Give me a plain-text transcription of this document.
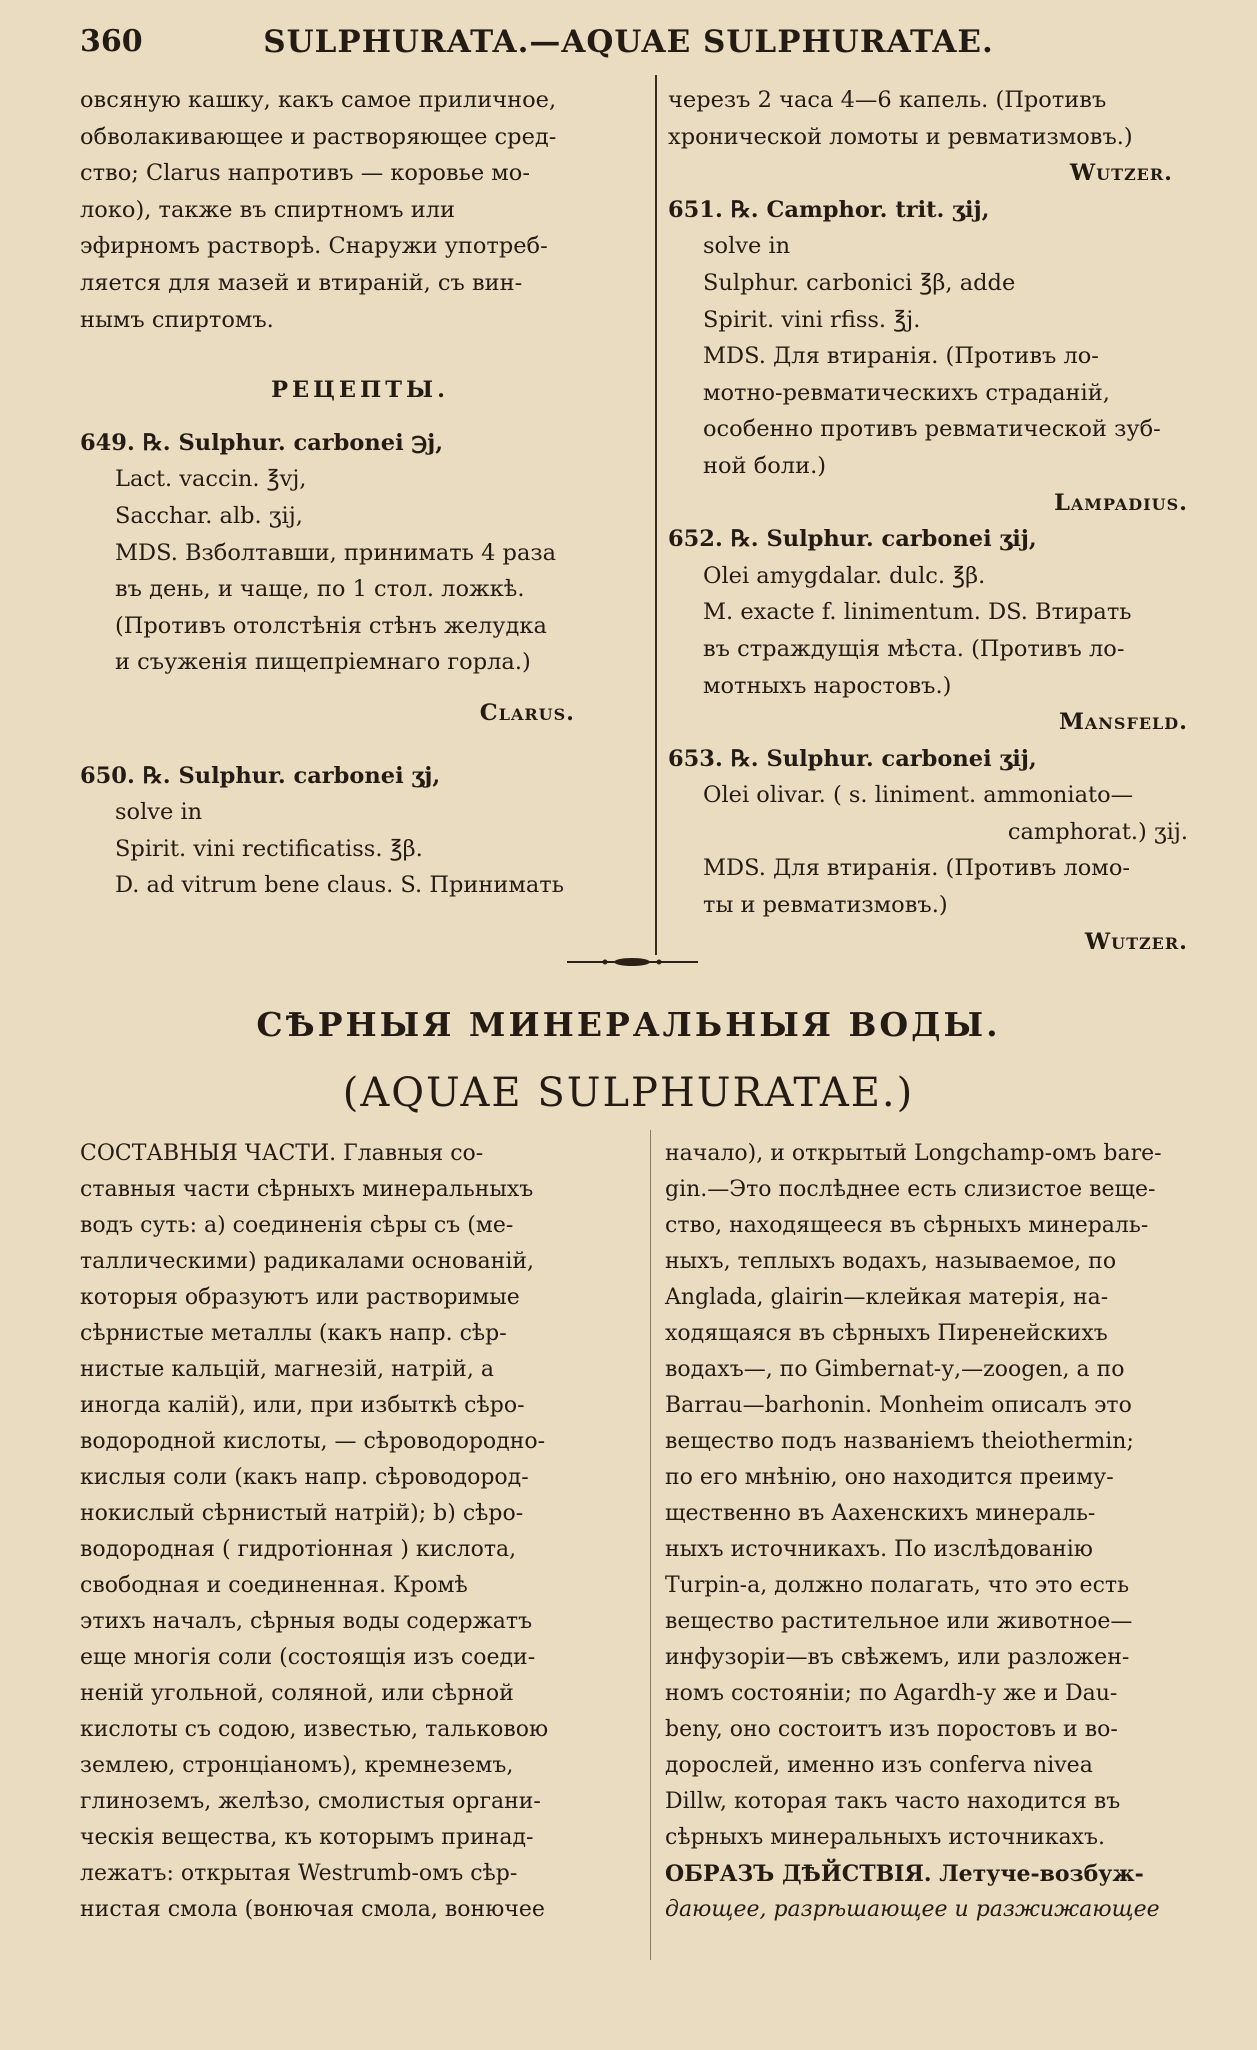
360	SULPHURATA.—AQUAE SULPHURATAE.

овсяную кашку, какъ самое приличное,

обволакивающее и растворяющее сред-

ство; Clarus напротивъ — коровье мо-

локо), также въ спиртномъ или

эфирномъ растворѣ. Снаружи употреб-

ляется для мазей и втираній, съ вин-

нымъ спиртомъ.

РЕЦЕПТЫ.

649. ℞. Sulphur. carbonei ℈j,

Lact. vaccin. ℥vj,

Sacchar. alb. ʒij,

MDS. Взболтавши, принимать 4 раза

въ день, и чаще, по 1 стол. ложкѣ.

(Противъ отолстѣнія стѣнъ желудка

и съуженія пищепріемнаго горла.)

Clarus.

650. ℞. Sulphur. carbonei ʒj,

solve in

Spirit. vini rectificatiss. ℥β.

D. ad vitrum bene claus. S. Принимать

черезъ 2 часа 4—6 капель. (Противъ

хронической ломоты и ревматизмовъ.)

Wutzer.

651. ℞. Camphor. trit. ʒij,

solve in

Sulphur. carbonici ℥β, adde

Spirit. vini rfiss. ℥j.

MDS. Для втиранія. (Противъ ло-

мотно-ревматическихъ страданій,

особенно противъ ревматической зуб-

ной боли.)

Lampadius.

652. ℞. Sulphur. carbonei ʒij,

Olei amygdalar. dulc. ℥β.

M. exacte f. linimentum. DS. Втирать

въ страждущія мѣста. (Противъ ло-

мотныхъ наростовъ.)

Mansfeld.

653. ℞. Sulphur. carbonei ʒij,

Olei olivar. ( s. liniment. ammoniato—

camphorat.) ʒij.

MDS. Для втиранія. (Противъ ломо-

ты и ревматизмовъ.)

Wutzer.

СѢРНЫЯ МИНЕРАЛЬНЫЯ ВОДЫ.
(AQUAE SULPHURATAE.)

СОСТАВНЫЯ ЧАСТИ. Главныя со-

ставныя части сѣрныхъ минеральныхъ

водъ суть: а) соединенія сѣры съ (ме-

таллическими) радикалами основаній,

которыя образуютъ или растворимые

сѣрнистые металлы (какъ напр. сѣр-

нистые кальцій, магнезій, натрій, а

иногда калій), или, при избыткѣ сѣро-

водородной кислоты, — сѣроводородно-

кислыя соли (какъ напр. сѣроводород-

нокислый сѣрнистый натрій); b) сѣро-

водородная ( гидротіонная ) кислота,

свободная и соединенная. Кромѣ

этихъ началъ, сѣрныя воды содержатъ

еще многія соли (состоящія изъ соеди-

неній угольной, соляной, или сѣрной

кислоты съ содою, известью, тальковою

землею, стронціаномъ), кремнеземъ,

глиноземъ, желѣзо, смолистыя органи-

ческія вещества, къ которымъ принад-

лежатъ: открытая Westrumb-омъ сѣр-

нистая смола (вонючая смола, вонючее

начало), и открытый Longchamp-омъ bare-

gin.—Это послѣднее есть слизистое веще-

ство, находящееся въ сѣрныхъ минераль-

ныхъ, теплыхъ водахъ, называемое, по

Anglada, glairin—клейкая матерія, на-

ходящаяся въ сѣрныхъ Пиренейскихъ

водахъ—, по Gimbernat-у,—zoogen, а по

Barrau—barhonin. Monheim описалъ это

вещество подъ названіемъ theiothermin;

по его мнѣнію, оно находится преиму-

щественно въ Аахенскихъ минераль-

ныхъ источникахъ. По изслѣдованію

Turpin-а, должно полагать, что это есть

вещество растительное или животное—

инфузоріи—въ свѣжемъ, или разложен-

номъ состояніи; по Agardh-у же и Dau-

beny, оно состоитъ изъ поростовъ и во-

дорослей, именно изъ conferva nivea

Dillw, которая такъ часто находится въ

сѣрныхъ минеральныхъ источникахъ.

ОБРАЗЪ ДѢЙСТВІЯ. Летуче-возбуж-

дающее, разрѣшающее и разжижающее
